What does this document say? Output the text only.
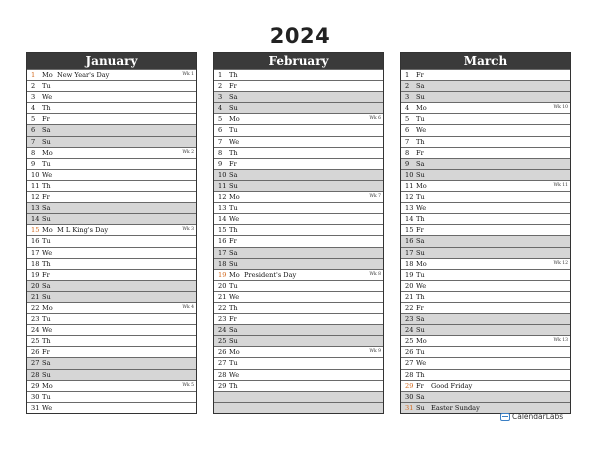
2024
January
1 Mo New Year's Day	Wk 1
2 Tu
3 We
4 Th
5 Fr
6 Sa
7 Su
8 Mo	Wk 2
9 Tu
10 We
11 Th
12 Fr
13 Sa
14 Su
15 Mo M L King's Day	Wk 3
16 Tu
17 We
18 Th
19 Fr
20 Sa
21 Su
22 Mo	Wk 4
23 Tu
24 We
25 Th
26 Fr
27 Sa
28 Su
29 Mo	Wk 5
30 Tu
31 We
February
1 Th
2 Fr
3 Sa
4 Su
5 Mo	Wk 6
6 Tu
7 We
8 Th
9 Fr
10 Sa
11 Su
12 Mo	Wk 7
13 Tu
14 We
15 Th
16 Fr
17 Sa
18 Su
19 Mo President's Day	Wk 8
20 Tu
21 We
22 Th
23 Fr
24 Sa
25 Su
26 Mo	Wk 9
27 Tu
28 We
29 Th
March
1 Fr
2 Sa
3 Su
4 Mo	Wk 10
5 Tu
6 We
7 Th
8 Fr
9 Sa
10 Su
11 Mo	Wk 11
12 Tu
13 We
14 Th
15 Fr
16 Sa
17 Su
18 Mo	Wk 12
19 Tu
20 We
21 Th
22 Fr
23 Sa
24 Su
25 Mo	Wk 13
26 Tu
27 We
28 Th
29 Fr Good Friday
30 Sa
31 Su Easter Sunday
CalendarLabs
